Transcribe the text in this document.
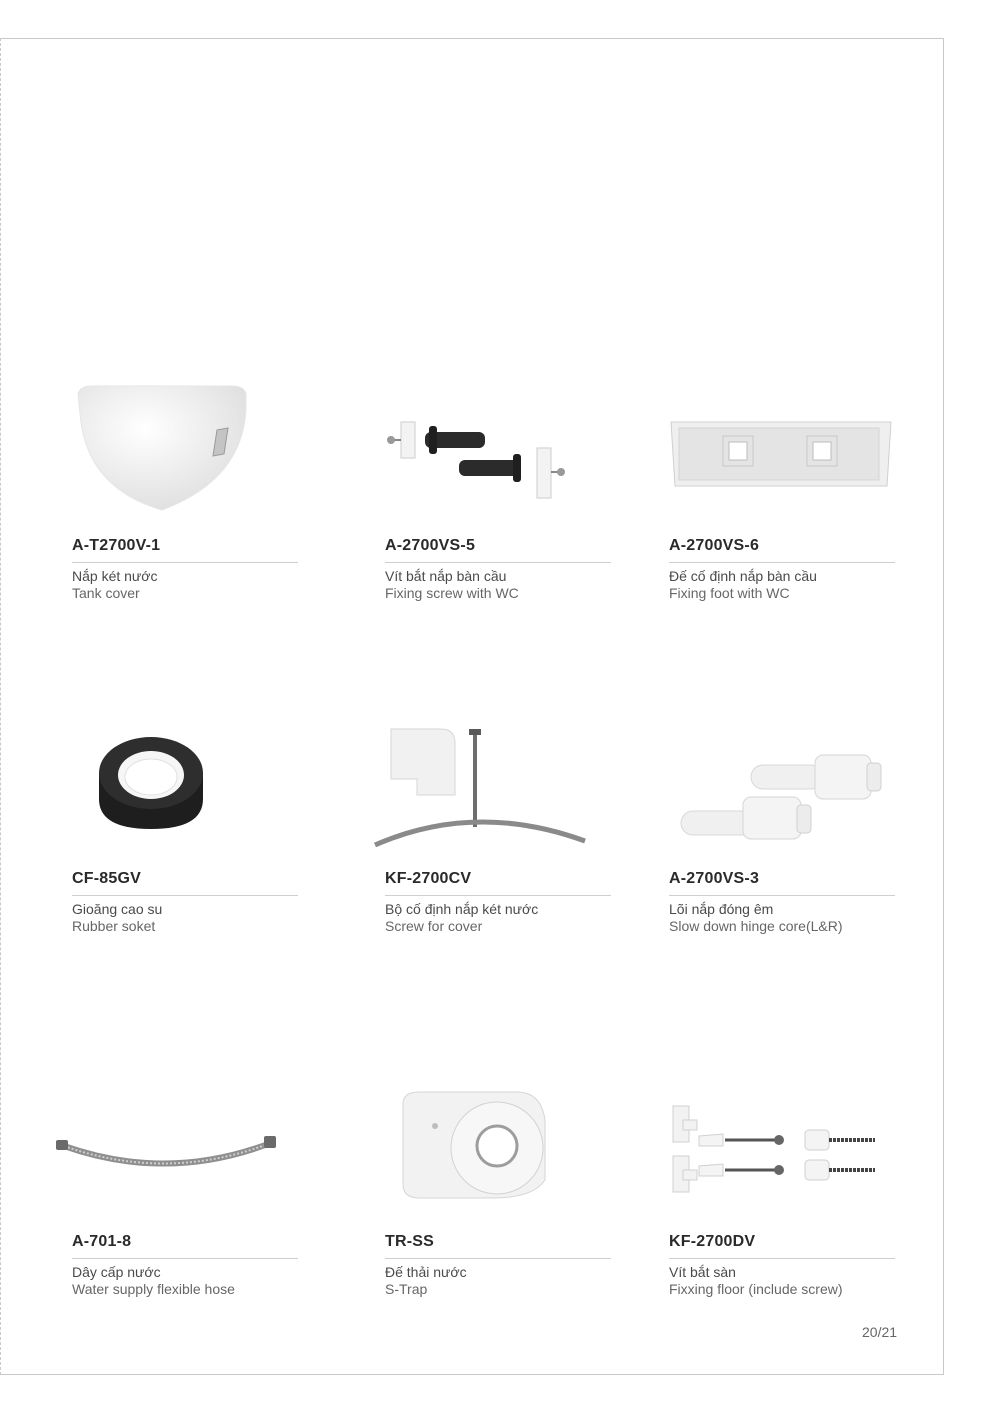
A-T2700V-1
Nắp két nước
Tank cover
A-2700VS-5
Vít bắt nắp bàn cầu
Fixing screw with WC
A-2700VS-6
Đế cố định nắp bàn cầu
Fixing foot with WC
CF-85GV
Gioăng cao su
Rubber soket
KF-2700CV
Bộ cố định nắp két nước
Screw for cover
A-2700VS-3
Lõi nắp đóng êm
Slow down hinge core(L&R)
A-701-8
Dây cấp nước
Water supply flexible hose
TR-SS
Đế thải nước
S-Trap
KF-2700DV
Vít bắt sàn
Fixxing floor (include screw)
20/21
